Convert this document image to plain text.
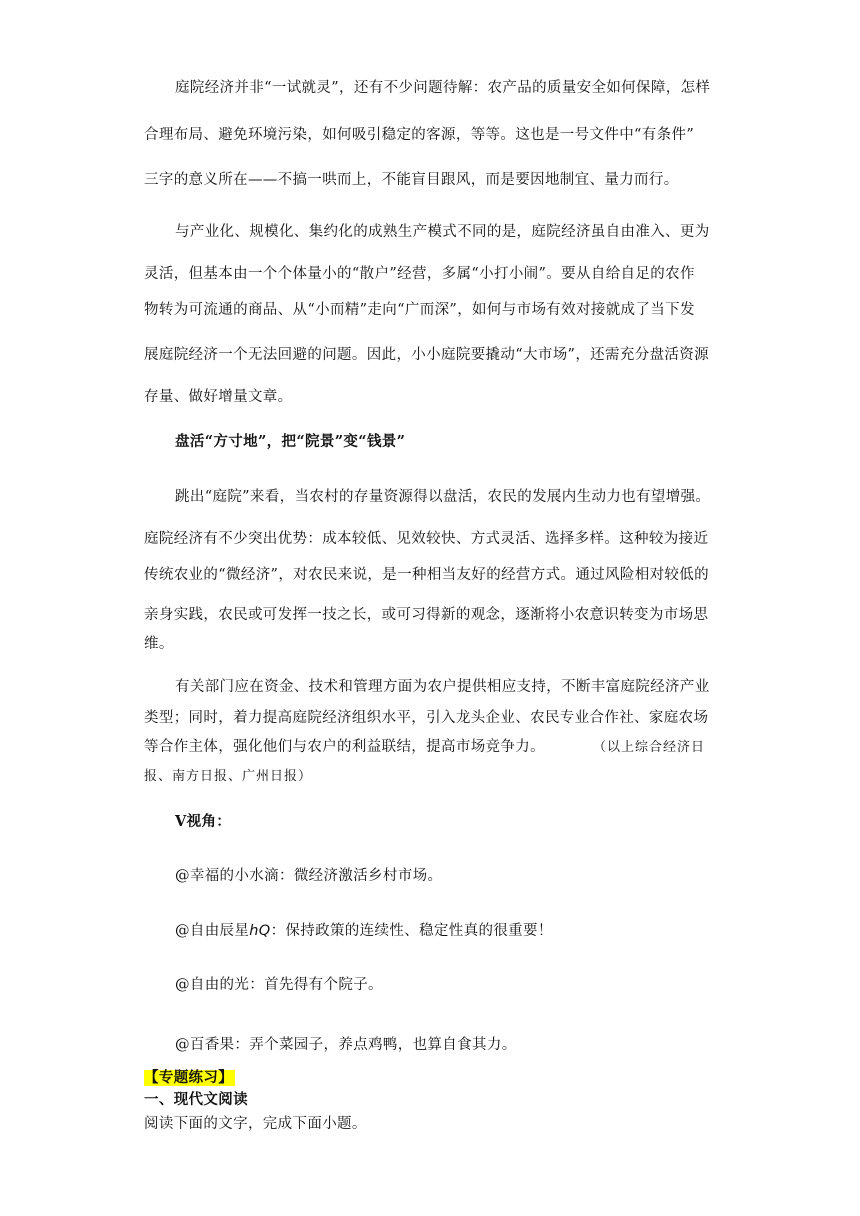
庭院经济并非“一试就灵”，还有不少问题待解：农产品的质量安全如何保障，怎样
合理布局、避免环境污染，如何吸引稳定的客源，等等。这也是一号文件中“有条件”
三字的意义所在——不搞一哄而上，不能盲目跟风，而是要因地制宜、量力而行。
与产业化、规模化、集约化的成熟生产模式不同的是，庭院经济虽自由准入、更为
灵活，但基本由一个个体量小的“散户”经营，多属“小打小闹”。要从自给自足的农作
物转为可流通的商品、从“小而精”走向“广而深”，如何与市场有效对接就成了当下发
展庭院经济一个无法回避的问题。因此，小小庭院要撬动“大市场”，还需充分盘活资源
存量、做好增量文章。
盘活“方寸地”，把“院景”变“钱景”
跳出“庭院”来看，当农村的存量资源得以盘活，农民的发展内生动力也有望增强。
庭院经济有不少突出优势：成本较低、见效较快、方式灵活、选择多样。这种较为接近
传统农业的“微经济”，对农民来说，是一种相当友好的经营方式。通过风险相对较低的
亲身实践，农民或可发挥一技之长，或可习得新的观念，逐渐将小农意识转变为市场思
维。
有关部门应在资金、技术和管理方面为农户提供相应支持，不断丰富庭院经济产业
类型；同时，着力提高庭院经济组织水平，引入龙头企业、农民专业合作社、家庭农场
等合作主体，强化他们与农户的利益联结，提高市场竞争力。	（以上综合经济日
报、南方日报、广州日报）
V视角：
@幸福的小水滴：微经济激活乡村市场。
@自由辰星hQ：保持政策的连续性、稳定性真的很重要！
@自由的光：首先得有个院子。
@百香果：弄个菜园子，养点鸡鸭，也算自食其力。
【专题练习】
一、现代文阅读
阅读下面的文字，完成下面小题。
